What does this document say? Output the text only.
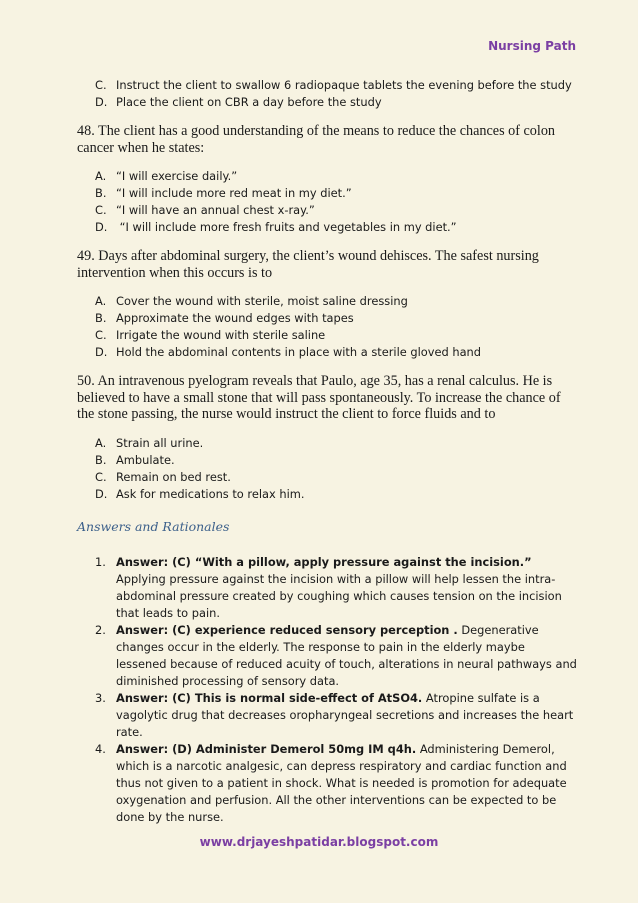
Nursing Path
C. Instruct the client to swallow 6 radiopaque tablets the evening before the study
D. Place the client on CBR a day before the study

48. The client has a good understanding of the means to reduce the chances of colon cancer when he states:

A. “I will exercise daily.”
B. “I will include more red meat in my diet.”
C. “I will have an annual chest x-ray.”
D. “I will include more fresh fruits and vegetables in my diet.”

49. Days after abdominal surgery, the client’s wound dehisces. The safest nursing intervention when this occurs is to

A. Cover the wound with sterile, moist saline dressing
B. Approximate the wound edges with tapes
C. Irrigate the wound with sterile saline
D. Hold the abdominal contents in place with a sterile gloved hand

50. An intravenous pyelogram reveals that Paulo, age 35, has a renal calculus. He is believed to have a small stone that will pass spontaneously. To increase the chance of the stone passing, the nurse would instruct the client to force fluids and to

A. Strain all urine.
B. Ambulate.
C. Remain on bed rest.
D. Ask for medications to relax him.
Answers and Rationales
1. Answer: (C) “With a pillow, apply pressure against the incision.” Applying pressure against the incision with a pillow will help lessen the intra-abdominal pressure created by coughing which causes tension on the incision that leads to pain.
2. Answer: (C) experience reduced sensory perception . Degenerative changes occur in the elderly. The response to pain in the elderly maybe lessened because of reduced acuity of touch, alterations in neural pathways and diminished processing of sensory data.
3. Answer: (C) This is normal side-effect of AtSO4. Atropine sulfate is a vagolytic drug that decreases oropharyngeal secretions and increases the heart rate.
4. Answer: (D) Administer Demerol 50mg IM q4h. Administering Demerol, which is a narcotic analgesic, can depress respiratory and cardiac function and thus not given to a patient in shock. What is needed is promotion for adequate oxygenation and perfusion. All the other interventions can be expected to be done by the nurse.
www.drjayeshpatidar.blogspot.com
